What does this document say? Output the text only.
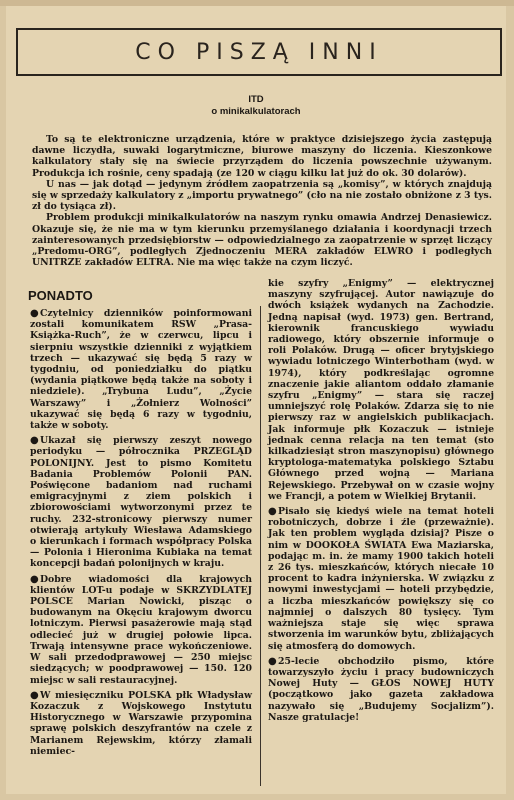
CO PISZĄ INNI
ITD
o minikalkulatorach

To są te elektroniczne urządzenia, które w praktyce dzisiejszego życia zastępują dawne liczydła, suwaki logarytmiczne, biurowe maszyny do liczenia. Kieszonkowe kalkulatory stały się na świecie przyrządem do liczenia powszechnie używanym. Produkcja ich rośnie, ceny spadają (ze 120 w ciągu kilku lat już do ok. 30 dolarów).

U nas — jak dotąd — jedynym źródłem zaopatrzenia są „komisy”, w których znajdują się w sprzedaży kalkulatory z „importu prywatnego” (cło na nie zostało obniżone z 3 tys. zł do tysiąca zł).

Problem produkcji minikalkulatorów na naszym rynku omawia Andrzej Denasiewicz. Okazuje się, że nie ma w tym kierunku przemyślanego działania i koordynacji trzech zainteresowanych przedsiębiorstw — odpowiedzialnego za zaopatrzenie w sprzęt liczący „Predomu-ORG”, podległych Zjednoczeniu MERA zakładów ELWRO i podległych UNITRZE zakładów ELTRA. Nie ma więc także na czym liczyć.

PONADTO

●Czytelnicy dzienników poinformowani zostali komunikatem RSW „Prasa-Książka-Ruch”, że w czerwcu, lipcu i sierpniu wszystkie dzienniki z wyjątkiem trzech — ukazywać się będą 5 razy w tygodniu, od poniedziałku do piątku (wydania piątkowe będą także na soboty i niedziele). „Trybuna Ludu”, „Życie Warszawy” i „Żołnierz Wolności” ukazywać się będą 6 razy w tygodniu, także w soboty.

●Ukazał się pierwszy zeszyt nowego periodyku — półrocznika PRZEGLĄD POLONIJNY. Jest to pismo Komitetu Badania Problemów Polonii PAN. Poświęcone badaniom nad ruchami emigracyjnymi z ziem polskich i zbiorowościami wytworzonymi przez te ruchy. 232-stronicowy pierwszy numer otwierają artykuły Wiesława Adamskiego o kierunkach i formach współpracy Polska — Polonia i Hieronima Kubiaka na temat koncepcji badań polonijnych w kraju.

●Dobre wiadomości dla krajowych klientów LOT-u podaje w SKRZYDLATEJ POLSCE Marian Nowicki, pisząc o budowanym na Okęciu krajowym dworcu lotniczym. Pierwsi pasażerowie mają stąd odlecieć już w drugiej połowie lipca. Trwają intensywne prace wykończeniowe. W sali przedodprawowej — 250 miejsc siedzących; w poodprawowej — 150. 120 miejsc w sali restauracyjnej.

●W miesięczniku POLSKA płk Władysław Kozaczuk z Wojskowego Instytutu Historycznego w Warszawie przypomina sprawę polskich deszyfrantów na czele z Marianem Rejewskim, którzy złamali niemiec-

kie szyfry „Enigmy” — elektrycznej maszyny szyfrującej. Autor nawiązuje do dwóch książek wydanych na Zachodzie. Jedną napisał (wyd. 1973) gen. Bertrand, kierownik francuskiego wywiadu radiowego, który obszernie informuje o roli Polaków. Drugą — oficer brytyjskiego wywiadu lotniczego Winterbotham (wyd. w 1974), który podkreślając ogromne znaczenie jakie aliantom oddało złamanie szyfru „Enigmy” — stara się raczej umniejszyć rolę Polaków. Zdarza się to nie pierwszy raz w angielskich publikacjach. Jak informuje płk Kozaczuk — istnieje jednak cenna relacja na ten temat (sto kilkadziesiąt stron maszynopisu) głównego kryptologa-matematyka polskiego Sztabu Głównego przed wojną — Mariana Rejewskiego. Przebywał on w czasie wojny we Francji, a potem w Wielkiej Brytanii.

●Pisało się kiedyś wiele na temat hoteli robotniczych, dobrze i źle (przeważnie). Jak ten problem wygląda dzisiaj? Pisze o nim w DOOKOŁA ŚWIATA Ewa Maziarska, podając m. in. że mamy 1900 takich hoteli z 26 tys. mieszkańców, których niecałe 10 procent to kadra inżynierska. W związku z nowymi inwestycjami — hoteli przybędzie, a liczba mieszkańców powiększy się co najmniej o dalszych 80 tysięcy. Tym ważniejsza staje się więc sprawa stworzenia im warunków bytu, zbliżających się atmosferą do domowych.

●25-lecie obchodziło pismo, które towarzyszyło życiu i pracy budowniczych Nowej Huty — GŁOS NOWEJ HUTY (początkowo jako gazeta zakładowa nazywało się „Budujemy Socjalizm”). Nasze gratulacje!
